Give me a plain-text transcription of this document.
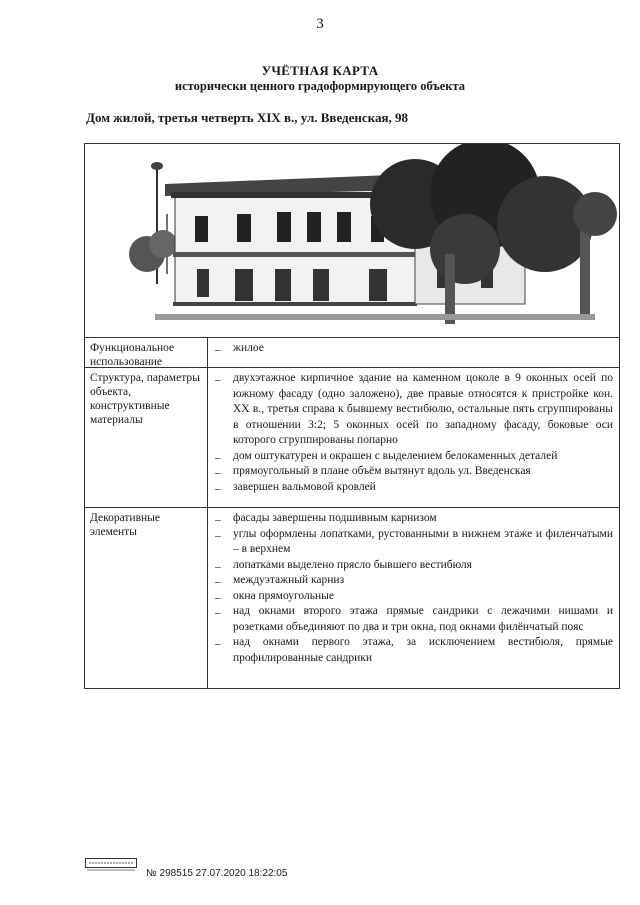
3
УЧЁТНАЯ КАРТА
исторически ценного градоформирующего объекта
Дом жилой, третья четверть XIX в., ул. Введенская, 98
Функциональное использование
– жилое
Структура, параметры объекта, конструктивные материалы
– двухэтажное кирпичное здание на каменном цоколе в 9 оконных осей по южному фасаду (одно заложено), две правые относятся к пристройке кон. XX в., третья справа к бывшему вестибюлю, остальные пять сгруппированы в отношении 3:2; 5 оконных осей по западному фасаду, боковые оси которого сгруппированы попарно
– дом оштукатурен и окрашен с выделением белокаменных деталей
– прямоугольный в плане объём вытянут вдоль ул. Введенская
– завершен вальмовой кровлей
Декоративные элементы
– фасады завершены подшивным карнизом
– углы оформлены лопатками, рустованными в нижнем этаже и филенчатыми – в верхнем
– лопатками выделено прясло бывшего вестибюля
– междуэтажный карниз
– окна прямоугольные
– над окнами второго этажа прямые сандрики с лежачими нишами и розетками объединяют по два и три окна, под окнами филёнчатый пояс
– над окнами первого этажа, за исключением вестибюля, прямые профилированные сандрики
№ 298515 27.07.2020 18:22:05
